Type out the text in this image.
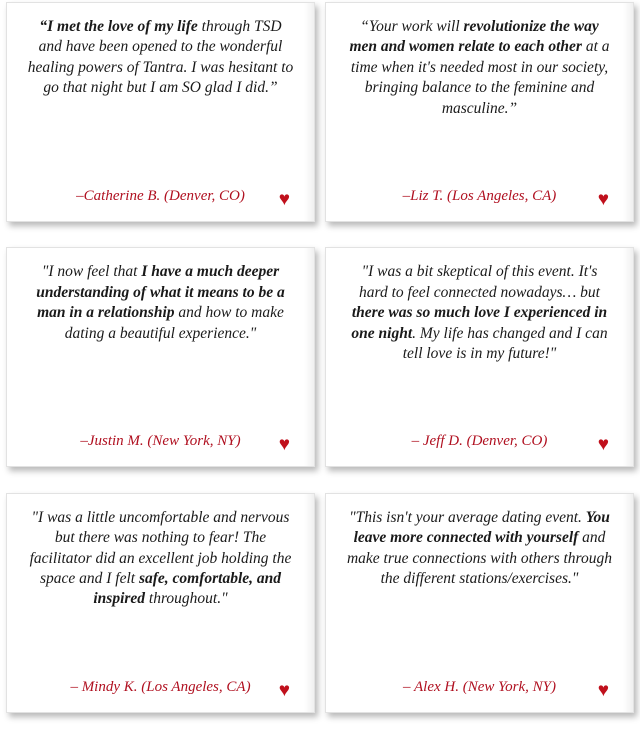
“I met the love of my life through TSD and have been opened to the wonderful healing powers of Tantra. I was hesitant to go that night but I am SO glad I did.”
–Catherine B. (Denver, CO) ♥
“Your work will revolutionize the way men and women relate to each other at a time when it's needed most in our society, bringing balance to the feminine and masculine.”
–Liz T. (Los Angeles, CA) ♥
"I now feel that I have a much deeper understanding of what it means to be a man in a relationship and how to make dating a beautiful experience."
–Justin M. (New York, NY) ♥
"I was a bit skeptical of this event. It's hard to feel connected nowadays… but there was so much love I experienced in one night. My life has changed and I can tell love is in my future!"
– Jeff D. (Denver, CO)	♥
"I was a little uncomfortable and nervous but there was nothing to fear! The facilitator did an excellent job holding the space and I felt safe, comfortable, and inspired throughout."
– Mindy K. (Los Angeles, CA) ♥
"This isn't your average dating event. You leave more connected with yourself and make true connections with others through the different stations/exercises."
– Alex H. (New York, NY) ♥
